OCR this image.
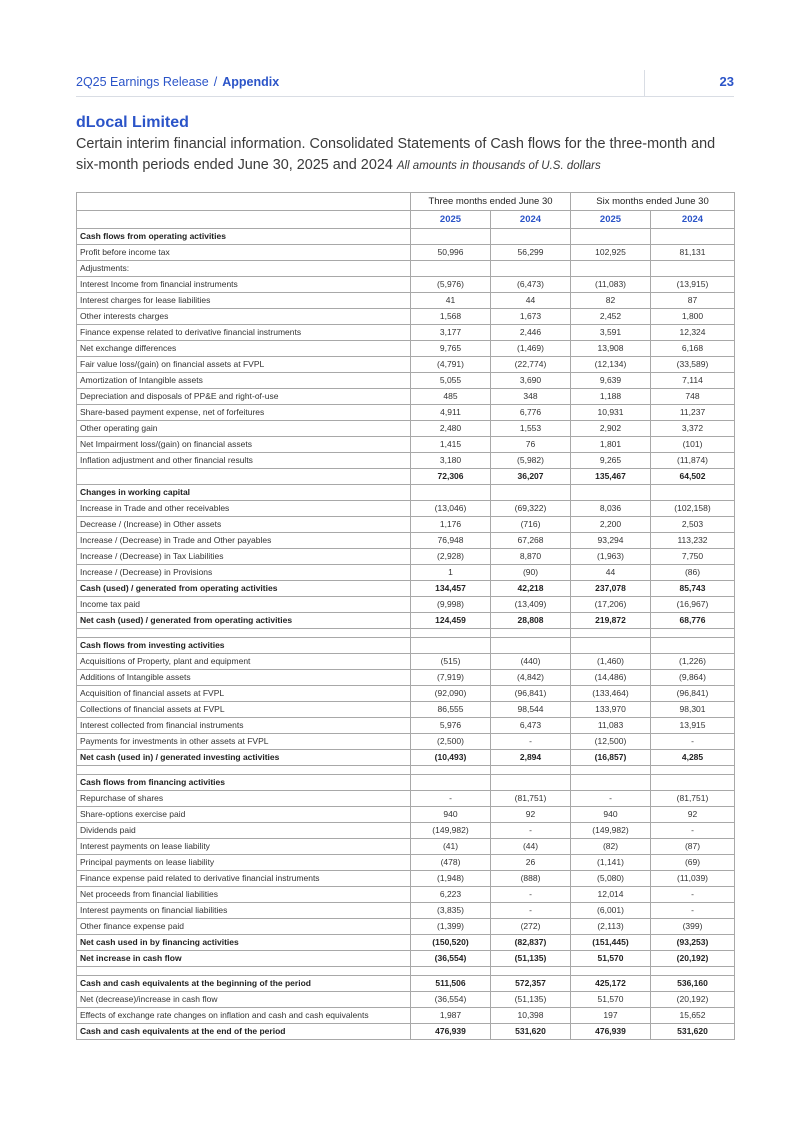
2Q25 Earnings Release / Appendix	23
dLocal Limited
Certain interim financial information. Consolidated Statements of Cash flows for the three-month and six-month periods ended June 30, 2025 and 2024 All amounts in thousands of U.S. dollars
	Three months ended June 30		Six months ended June 30	
	2025	2024	2025	2024
Cash flows from operating activities				
Profit before income tax	50,996	56,299	102,925	81,131
Adjustments:				
Interest Income from financial instruments	(5,976)	(6,473)	(11,083)	(13,915)
Interest charges for lease liabilities	41	44	82	87
Other interests charges	1,568	1,673	2,452	1,800
Finance expense related to derivative financial instruments	3,177	2,446	3,591	12,324
Net exchange differences	9,765	(1,469)	13,908	6,168
Fair value loss/(gain) on financial assets at FVPL	(4,791)	(22,774)	(12,134)	(33,589)
Amortization of Intangible assets	5,055	3,690	9,639	7,114
Depreciation and disposals of PP&E and right-of-use	485	348	1,188	748
Share-based payment expense, net of forfeitures	4,911	6,776	10,931	11,237
Other operating gain	2,480	1,553	2,902	3,372
Net Impairment loss/(gain) on financial assets	1,415	76	1,801	(101)
Inflation adjustment and other financial results	3,180	(5,982)	9,265	(11,874)
	72,306	36,207	135,467	64,502
Changes in working capital				
Increase in Trade and other receivables	(13,046)	(69,322)	8,036	(102,158)
Decrease / (Increase) in Other assets	1,176	(716)	2,200	2,503
Increase / (Decrease) in Trade and Other payables	76,948	67,268	93,294	113,232
Increase / (Decrease) in Tax Liabilities	(2,928)	8,870	(1,963)	7,750
Increase / (Decrease) in Provisions	1	(90)	44	(86)
Cash (used) / generated from operating activities	134,457	42,218	237,078	85,743
Income tax paid	(9,998)	(13,409)	(17,206)	(16,967)
Net cash (used) / generated from operating activities	124,459	28,808	219,872	68,776

Cash flows from investing activities				
Acquisitions of Property, plant and equipment	(515)	(440)	(1,460)	(1,226)
Additions of Intangible assets	(7,919)	(4,842)	(14,486)	(9,864)
Acquisition of financial assets at FVPL	(92,090)	(96,841)	(133,464)	(96,841)
Collections of financial assets at FVPL	86,555	98,544	133,970	98,301
Interest collected from financial instruments	5,976	6,473	11,083	13,915
Payments for investments in other assets at FVPL	(2,500)	-	(12,500)	-
Net cash (used in) / generated investing activities	(10,493)	2,894	(16,857)	4,285

Cash flows from financing activities				
Repurchase of shares	-	(81,751)	-	(81,751)
Share-options exercise paid	940	92	940	92
Dividends paid	(149,982)	-	(149,982)	-
Interest payments on lease liability	(41)	(44)	(82)	(87)
Principal payments on lease liability	(478)	26	(1,141)	(69)
Finance expense paid related to derivative financial instruments	(1,948)	(888)	(5,080)	(11,039)
Net proceeds from financial liabilities	6,223	-	12,014	-
Interest payments on financial liabilities	(3,835)	-	(6,001)	-
Other finance expense paid	(1,399)	(272)	(2,113)	(399)
Net cash used in by financing activities	(150,520)	(82,837)	(151,445)	(93,253)
Net increase in cash flow	(36,554)	(51,135)	51,570	(20,192)

Cash and cash equivalents at the beginning of the period	511,506	572,357	425,172	536,160
Net (decrease)/increase in cash flow	(36,554)	(51,135)	51,570	(20,192)
Effects of exchange rate changes on inflation and cash and cash equivalents	1,987	10,398	197	15,652
Cash and cash equivalents at the end of the period	476,939	531,620	476,939	531,620
